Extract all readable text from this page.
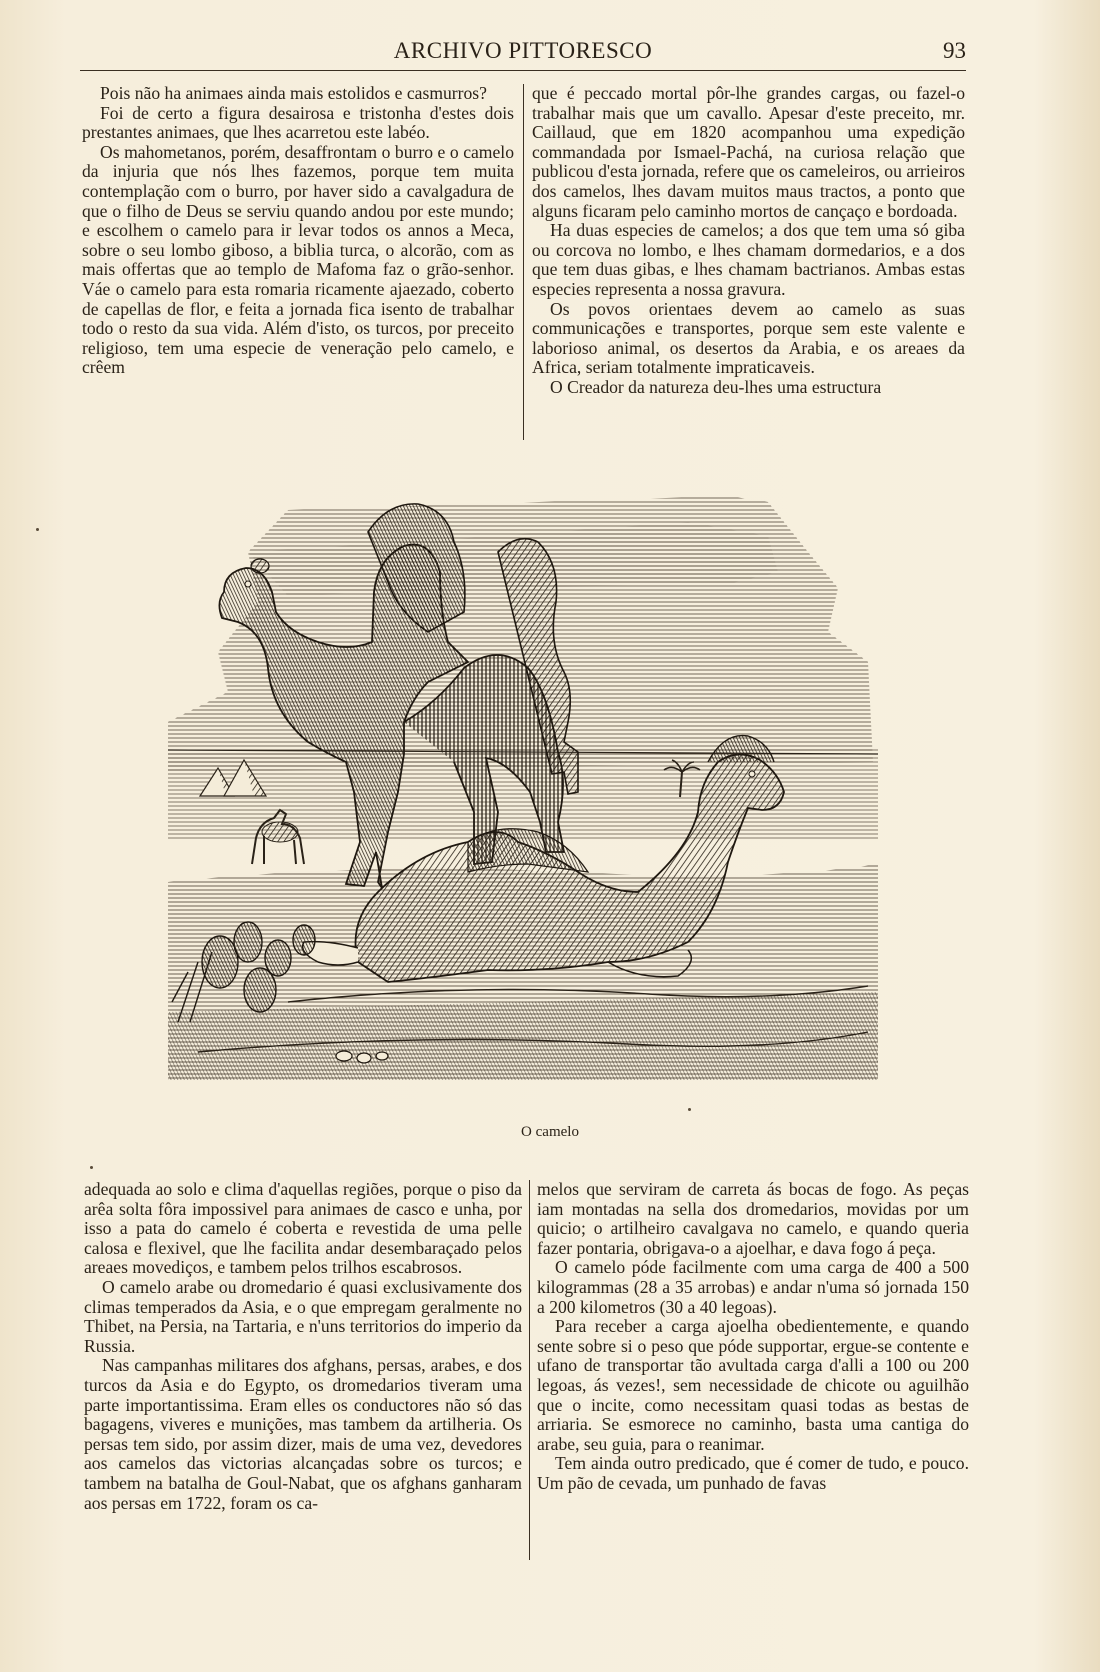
ARCHIVO PITTORESCO	93

Pois não ha animaes ainda mais estolidos e casmurros?

Foi de certo a figura desairosa e tristonha d'estes dois prestantes animaes, que lhes acarretou este labéo.

Os mahometanos, porém, desaffrontam o burro e o camelo da injuria que nós lhes fazemos, porque tem muita contemplação com o burro, por haver sido a cavalgadura de que o filho de Deus se serviu quando andou por este mundo; e escolhem o camelo para ir levar todos os annos a Meca, sobre o seu lombo giboso, a biblia turca, o alcorão, com as mais offertas que ao templo de Mafoma faz o grão-senhor. Váe o camelo para esta romaria ricamente ajaezado, coberto de capellas de flor, e feita a jornada fica isento de trabalhar todo o resto da sua vida. Além d'isto, os turcos, por preceito religioso, tem uma especie de veneração pelo camelo, e crêem

que é peccado mortal pôr-lhe grandes cargas, ou fazel-o trabalhar mais que um cavallo. Apesar d'este preceito, mr. Caillaud, que em 1820 acompanhou uma expedição commandada por Ismael-Pachá, na curiosa relação que publicou d'esta jornada, refere que os cameleiros, ou arrieiros dos camelos, lhes davam muitos maus tractos, a ponto que alguns ficaram pelo caminho mortos de cançaço e bordoada.

Ha duas especies de camelos; a dos que tem uma só giba ou corcova no lombo, e lhes chamam dormedarios, e a dos que tem duas gibas, e lhes chamam bactrianos. Ambas estas especies representa a nossa gravura.

Os povos orientaes devem ao camelo as suas communicações e transportes, porque sem este valente e laborioso animal, os desertos da Arabia, e os areaes da Africa, seriam totalmente impraticaveis.

O Creador da natureza deu-lhes uma estructura

O camelo

adequada ao solo e clima d'aquellas regiões, porque o piso da arêa solta fôra impossivel para animaes de casco e unha, por isso a pata do camelo é coberta e revestida de uma pelle calosa e flexivel, que lhe facilita andar desembaraçado pelos areaes movediços, e tambem pelos trilhos escabrosos.

O camelo arabe ou dromedario é quasi exclusivamente dos climas temperados da Asia, e o que empregam geralmente no Thibet, na Persia, na Tartaria, e n'uns territorios do imperio da Russia.

Nas campanhas militares dos afghans, persas, arabes, e dos turcos da Asia e do Egypto, os dromedarios tiveram uma parte importantissima. Eram elles os conductores não só das bagagens, viveres e munições, mas tambem da artilheria. Os persas tem sido, por assim dizer, mais de uma vez, devedores aos camelos das victorias alcançadas sobre os turcos; e tambem na batalha de Goul-Nabat, que os afghans ganharam aos persas em 1722, foram os ca-

melos que serviram de carreta ás bocas de fogo. As peças iam montadas na sella dos dromedarios, movidas por um quicio; o artilheiro cavalgava no camelo, e quando queria fazer pontaria, obrigava-o a ajoelhar, e dava fogo á peça.

O camelo póde facilmente com uma carga de 400 a 500 kilogrammas (28 a 35 arrobas) e andar n'uma só jornada 150 a 200 kilometros (30 a 40 legoas).

Para receber a carga ajoelha obedientemente, e quando sente sobre si o peso que póde supportar, ergue-se contente e ufano de transportar tão avultada carga d'alli a 100 ou 200 legoas, ás vezes!, sem necessidade de chicote ou aguilhão que o incite, como necessitam quasi todas as bestas de arriaria. Se esmorece no caminho, basta uma cantiga do arabe, seu guia, para o reanimar.

Tem ainda outro predicado, que é comer de tudo, e pouco. Um pão de cevada, um punhado de favas
